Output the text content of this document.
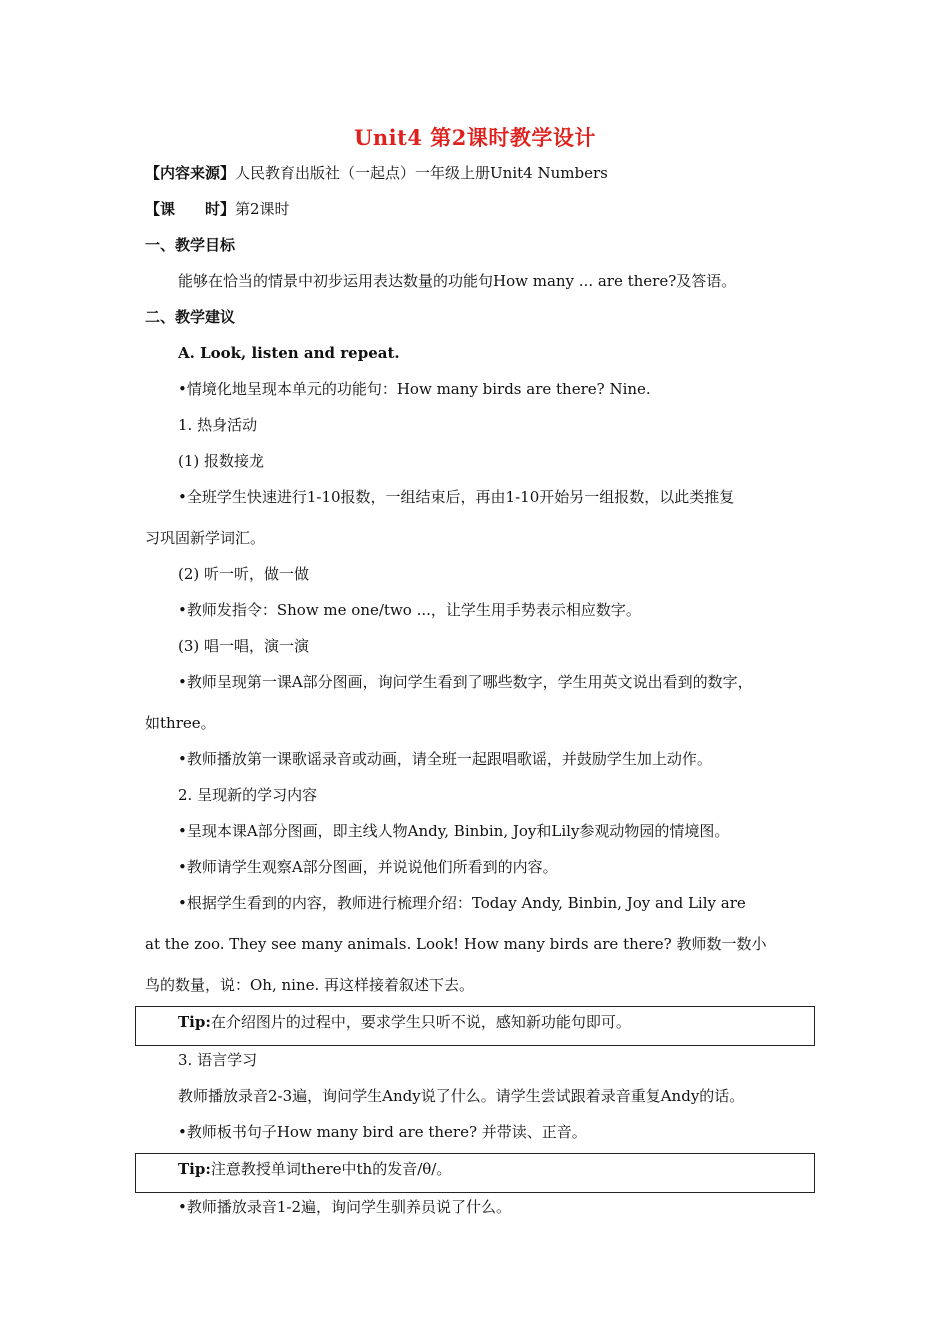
Unit4 第2课时教学设计
【内容来源】人民教育出版社（一起点）一年级上册Unit4 Numbers
【课　　时】第2课时
一、教学目标
能够在恰当的情景中初步运用表达数量的功能句How many ... are there?及答语。
二、教学建议
A. Look, listen and repeat.
•情境化地呈现本单元的功能句：How many birds are there? Nine.
1. 热身活动
(1) 报数接龙
•全班学生快速进行1-10报数，一组结束后，再由1-10开始另一组报数，以此类推复
习巩固新学词汇。
(2) 听一听，做一做
•教师发指令：Show me one/two ...，让学生用手势表示相应数字。
(3) 唱一唱，演一演
•教师呈现第一课A部分图画，询问学生看到了哪些数字，学生用英文说出看到的数字，
如three。
•教师播放第一课歌谣录音或动画，请全班一起跟唱歌谣，并鼓励学生加上动作。
2. 呈现新的学习内容
•呈现本课A部分图画，即主线人物Andy, Binbin, Joy和Lily参观动物园的情境图。
•教师请学生观察A部分图画，并说说他们所看到的内容。
•根据学生看到的内容，教师进行梳理介绍：Today Andy, Binbin, Joy and Lily are
at the zoo. They see many animals. Look! How many birds are there? 教师数一数小
鸟的数量，说：Oh, nine. 再这样接着叙述下去。
Tip:在介绍图片的过程中，要求学生只听不说，感知新功能句即可。
3. 语言学习
教师播放录音2-3遍，询问学生Andy说了什么。请学生尝试跟着录音重复Andy的话。
•教师板书句子How many bird are there? 并带读、正音。
Tip:注意教授单词there中th的发音/θ/。
•教师播放录音1-2遍，询问学生驯养员说了什么。
